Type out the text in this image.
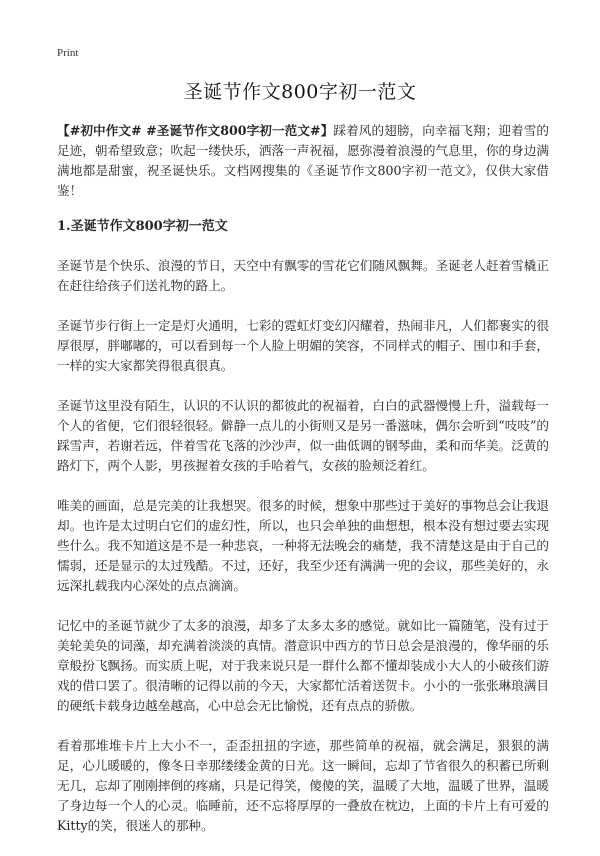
Print
圣诞节作文800字初一范文

【#初中作文# #圣诞节作文800字初一范文#】踩着风的翅膀，向幸福飞翔；迎着雪的足迹，朝希望致意；吹起一缕快乐，洒落一声祝福，愿弥漫着浪漫的气息里，你的身边满满地都是甜蜜，祝圣诞快乐。文档网搜集的《圣诞节作文800字初一范文》，仅供大家借鉴！

1.圣诞节作文800字初一范文

圣诞节是个快乐、浪漫的节日，天空中有飘零的雪花它们随风飘舞。圣诞老人赶着雪橇正在赶往给孩子们送礼物的路上。

圣诞节步行街上一定是灯火通明，七彩的霓虹灯变幻闪耀着，热闹非凡，人们都裹实的很厚很厚，胖嘟嘟的，可以看到每一个人脸上明媚的笑容，不同样式的帽子、围巾和手套，一样的实大家都笑得很真很真。

圣诞节这里没有陌生，认识的不认识的都彼此的祝福着，白白的武器慢慢上升，溢载每一个人的省便，它们很轻很轻。僻静一点儿的小街则又是另一番滋味，偶尔会听到“吱吱”的踩雪声，若谢若远，伴着雪花飞落的沙沙声，似一曲低调的钢琴曲，柔和而华美。泛黄的路灯下，两个人影，男孩握着女孩的手哈着气，女孩的脸颊泛着红。

唯美的画面，总是完美的让我想哭。很多的时候，想象中那些过于美好的事物总会让我退却。也许是太过明白它们的虚幻性，所以，也只会单独的曲想想，根本没有想过要去实现些什么。我不知道这是不是一种悲哀，一种将无法晚会的痛楚，我不清楚这是由于自己的懦弱，还是显示的太过残酷。不过，还好，我至少还有满满一兜的会议，那些美好的，永远深扎载我内心深处的点点滴滴。

记忆中的圣诞节就少了太多的浪漫，却多了太多太多的感觉。就如比一篇随笔，没有过于美轮美奂的词藻，却充满着淡淡的真情。潜意识中西方的节日总会是浪漫的，像华丽的乐章般扮飞飘扬。而实质上呢，对于我来说只是一群什么都不懂却装成小大人的小破孩们游戏的借口罢了。很清晰的记得以前的今天，大家都忙活着送贺卡。小小的一张张琳琅满目的硬纸卡载身边越垒越高，心中总会无比愉悦，还有点点的骄傲。

看着那堆堆卡片上大小不一，歪歪扭扭的字迹，那些简单的祝福，就会满足，狠狠的满足，心儿暖暖的，像冬日幸那缕缕金黄的日光。这一瞬间，忘却了节省很久的积蓄已所剩无几，忘却了刚刚摔倒的疼痛，只是记得笑，傻傻的笑，温暖了大地，温暖了世界，温暖了身边每一个人的心灵。临睡前，还不忘将厚厚的一叠放在枕边，上面的卡片上有可爱的Kitty的笑，很迷人的那种。
